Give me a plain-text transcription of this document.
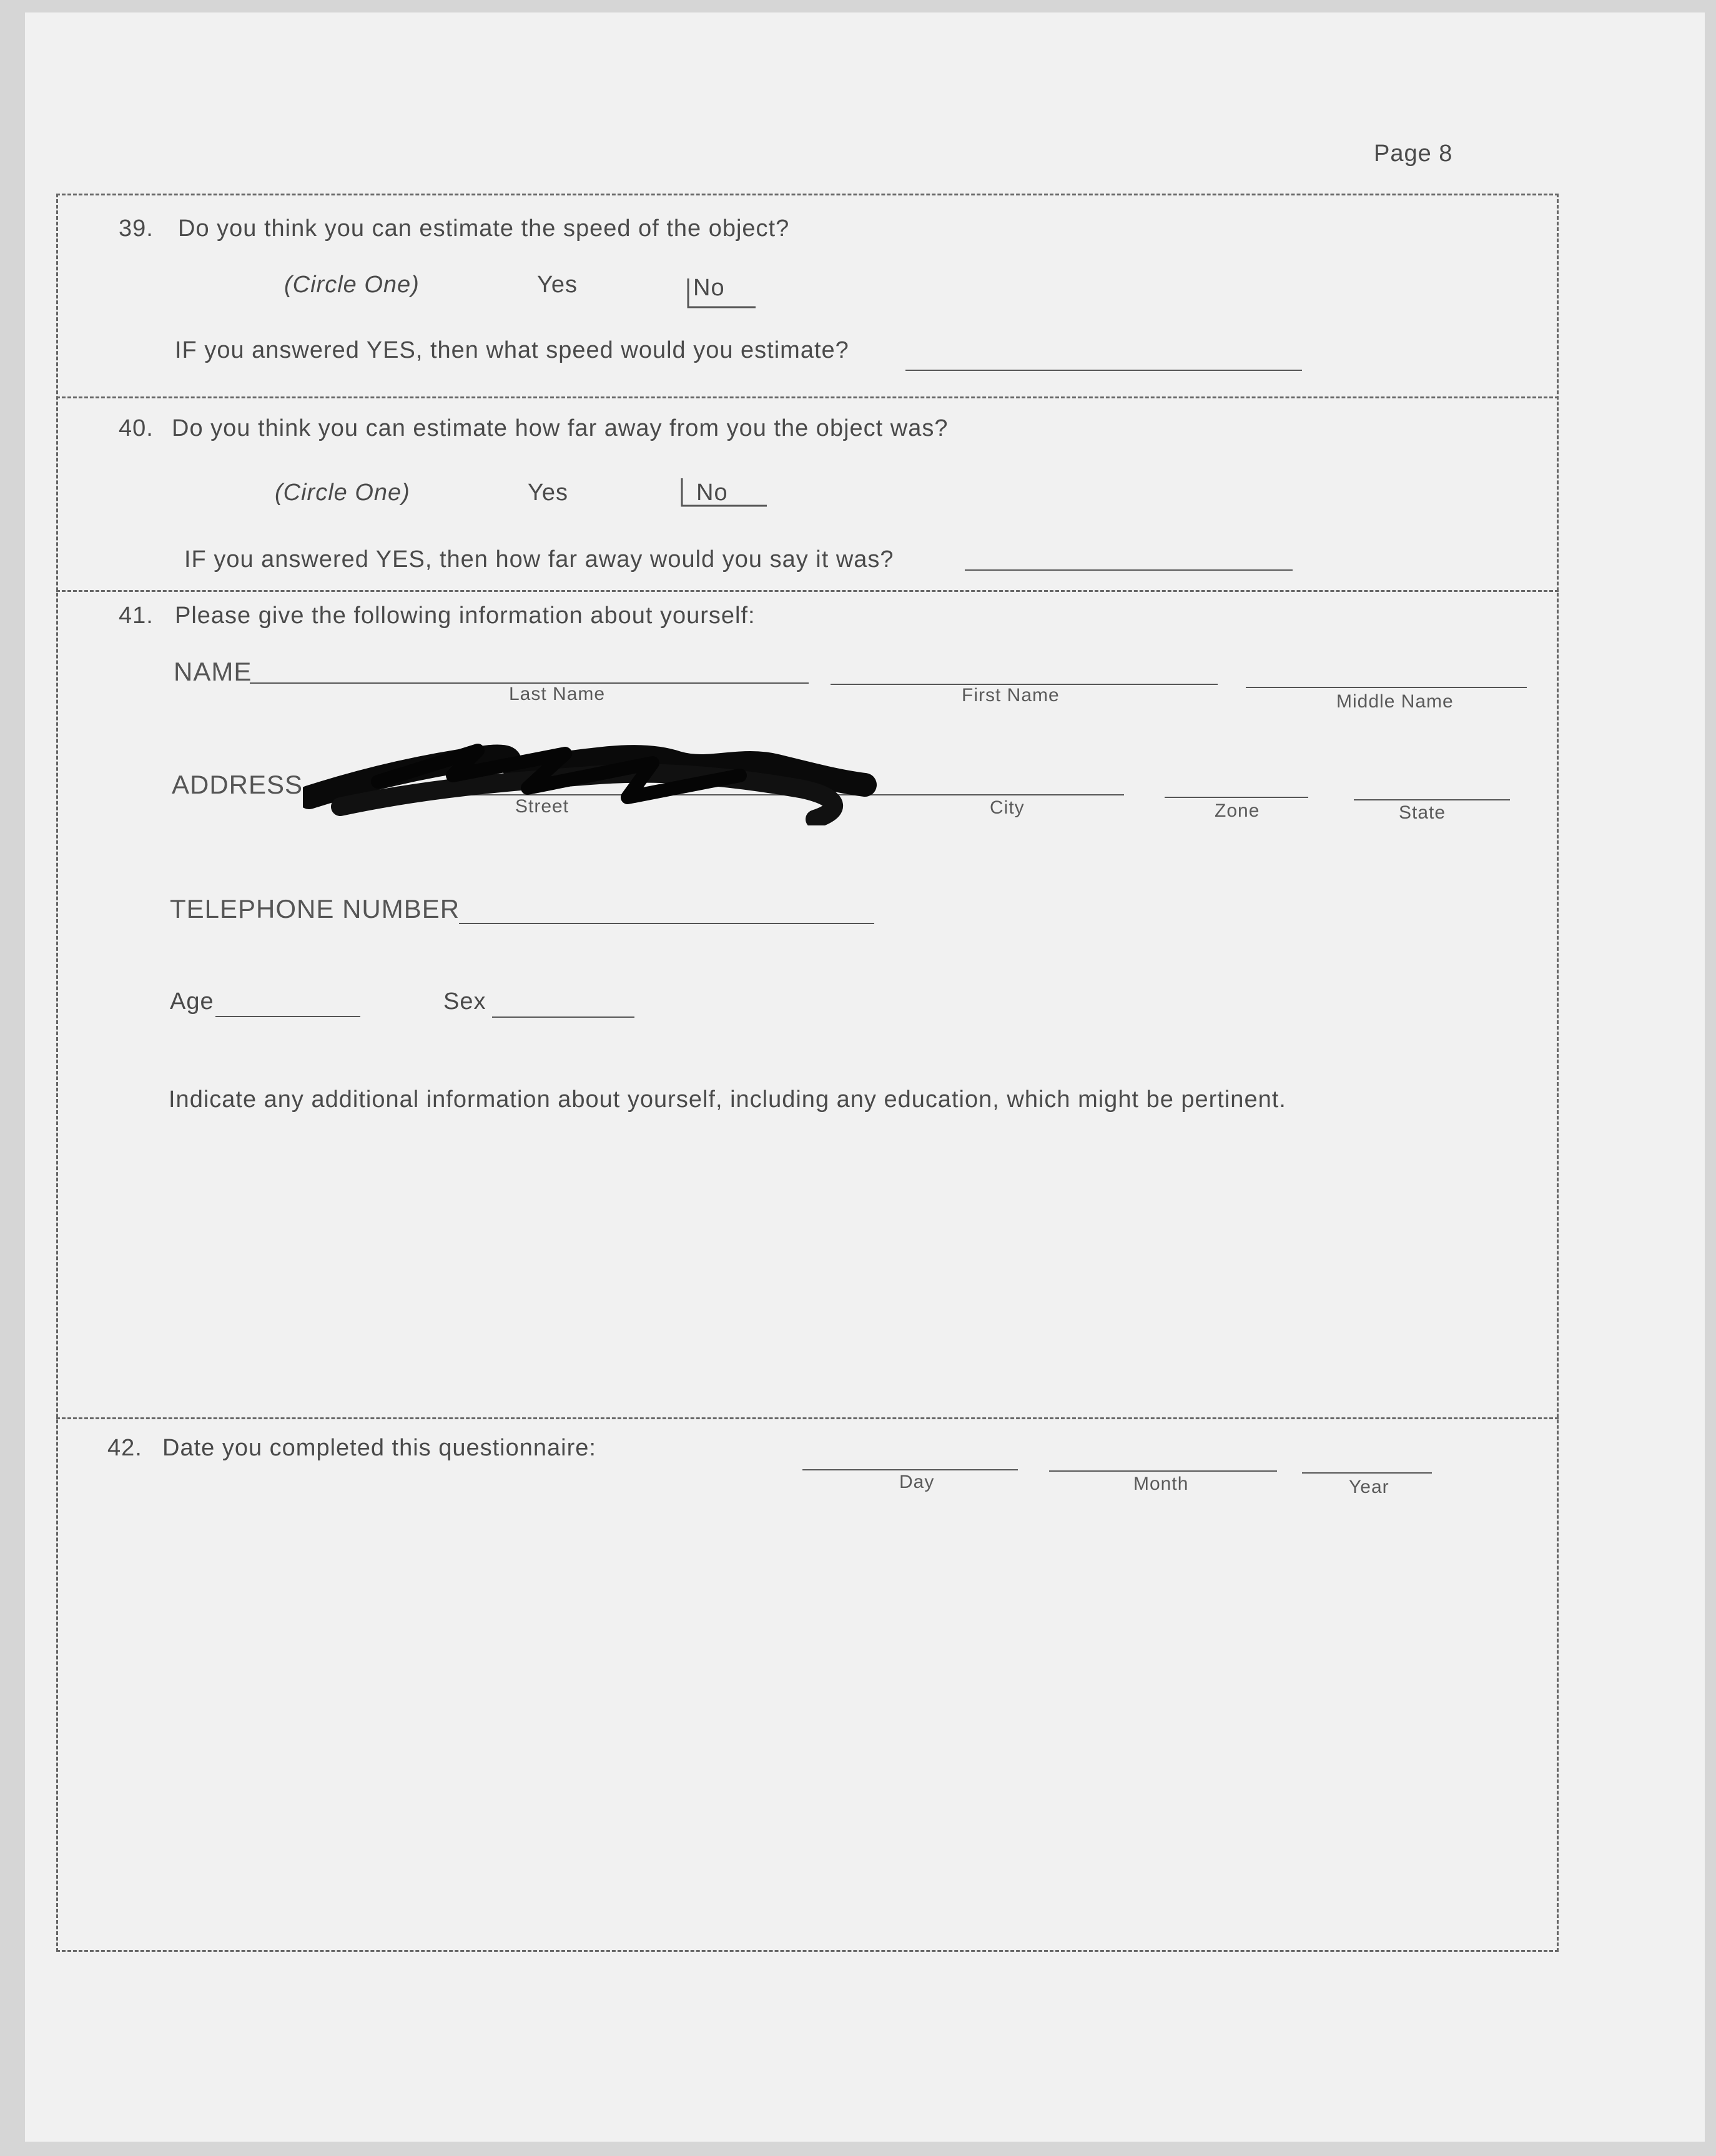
Page 8
39. Do you think you can estimate the speed of the object?
(Circle One)	Yes	No
IF you answered YES, then what speed would you estimate?
40. Do you think you can estimate how far away from you the object was?
(Circle One)	Yes	No
IF you answered YES, then how far away would you say it was?
41. Please give the following information about yourself:
NAME
Last Name	First Name	Middle Name
ADDRESS
Street	City	Zone	State
TELEPHONE NUMBER
Age	Sex
Indicate any additional information about yourself, including any education, which might be pertinent.
42. Date you completed this questionnaire:
Day	Month	Year
